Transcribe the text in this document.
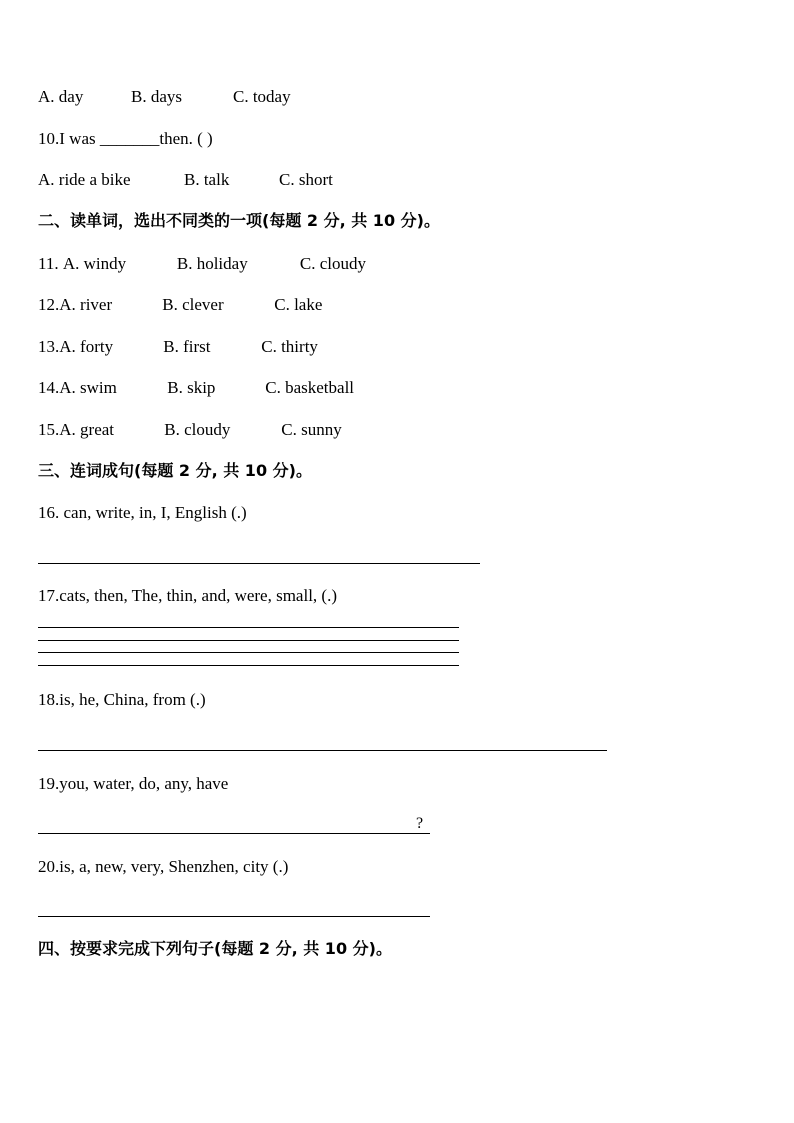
A. day	B. days	C. today
10.I was _______then. ( )
A. ride a bike	B. talk	C. short
二、读单词，选出不同类的一项(每题 2 分, 共 10 分)。
11. A. windy	B. holiday	C. cloudy
12.A. river	B. clever	C. lake
13.A. forty	B. first	C. thirty
14.A. swim	B. skip	C. basketball
15.A. great	B. cloudy	C. sunny
三、连词成句(每题 2 分, 共 10 分)。
16. can, write, in, I, English (.)
17.cats, then, The, thin, and, were, small, (.)
18.is, he, China, from (.)
19.you, water, do, any, have
?
20.is, a, new, very, Shenzhen, city (.)
四、按要求完成下列句子(每题 2 分, 共 10 分)。
